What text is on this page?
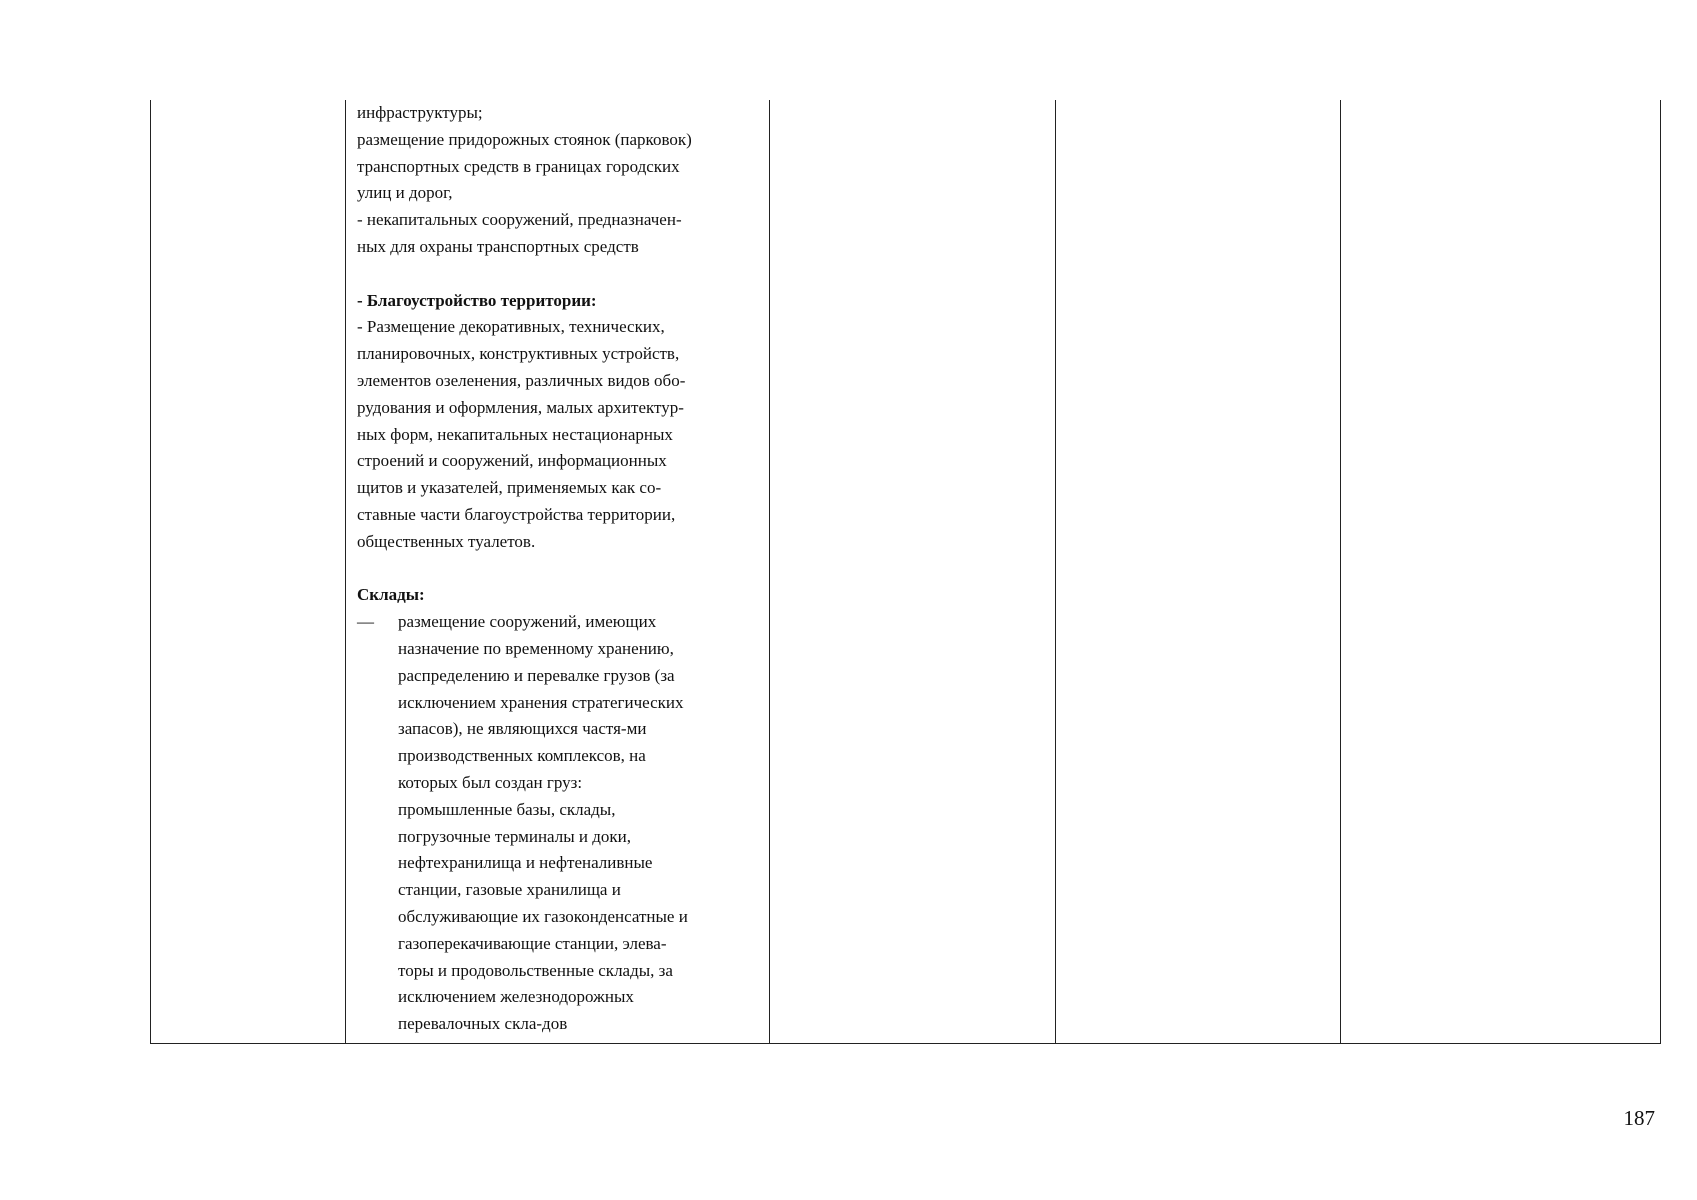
инфраструктуры;
размещение придорожных стоянок (парковок)
транспортных средств в границах городских
улиц и дорог,
- некапитальных сооружений, предназначен-
ных для охраны транспортных средств
- Благоустройство территории:
- Размещение декоративных, технических,
планировочных, конструктивных устройств,
элементов озеленения, различных видов обо-
рудования и оформления, малых архитектур-
ных форм, некапитальных нестационарных
строений и сооружений, информационных
щитов и указателей, применяемых как со-
ставные части благоустройства территории,
общественных туалетов.
Склады:
—	размещение сооружений, имеющих
назначение по временному хранению,
распределению и перевалке грузов (за
исключением хранения стратегических
запасов), не являющихся частя-ми
производственных комплексов, на
которых был создан груз:
промышленные базы, склады,
погрузочные терминалы и доки,
нефтехранилища и нефтеналивные
станции, газовые хранилища и
обслуживающие их газоконденсатные и
газоперекачивающие станции, элева-
торы и продовольственные склады, за
исключением железнодорожных
перевалочных скла-дов
187
